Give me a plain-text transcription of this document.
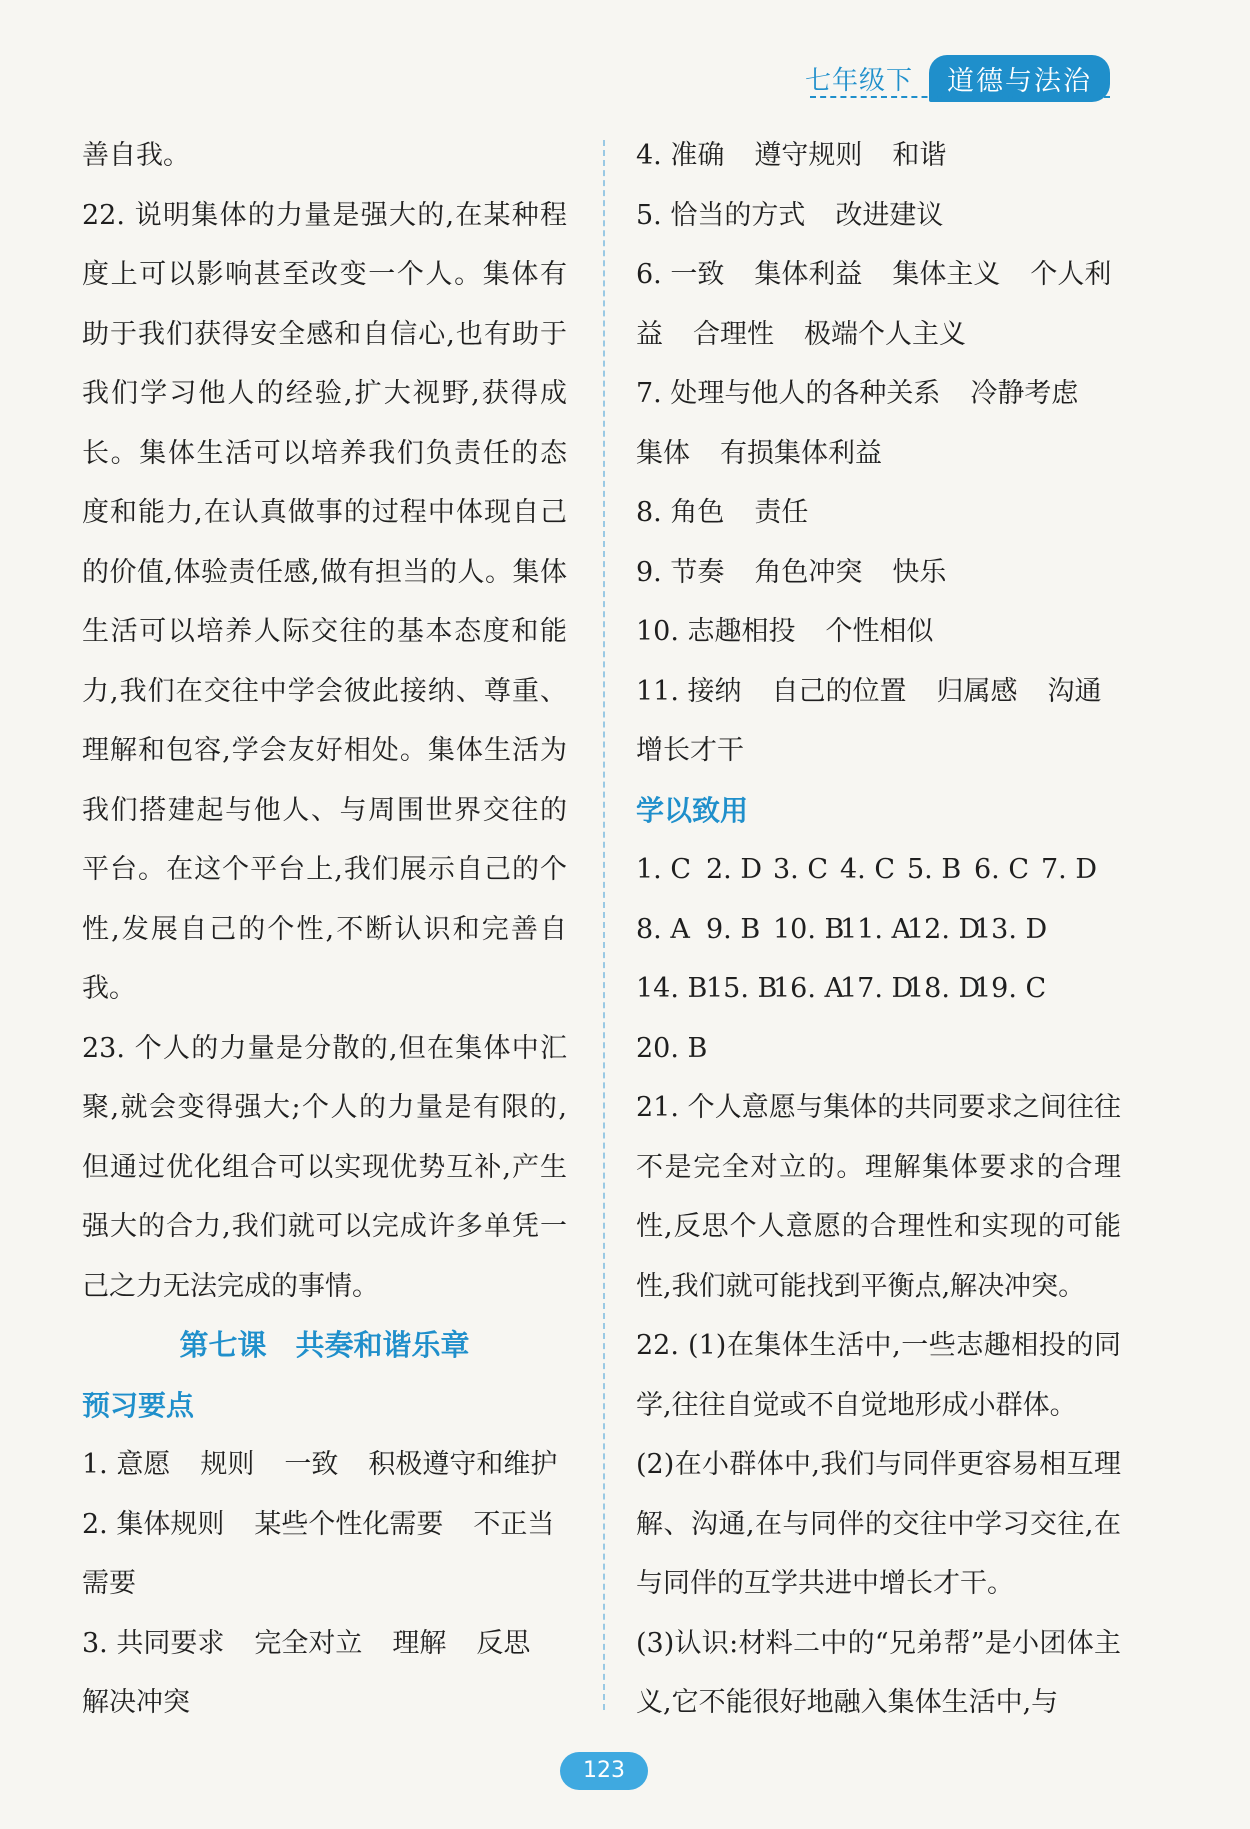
七年级下	道德与法治

善自我。

22. 说明集体的力量是强大的,在某种程度上可以影响甚至改变一个人。集体有助于我们获得安全感和自信心,也有助于我们学习他人的经验,扩大视野,获得成长。集体生活可以培养我们负责任的态度和能力,在认真做事的过程中体现自己的价值,体验责任感,做有担当的人。集体生活可以培养人际交往的基本态度和能力,我们在交往中学会彼此接纳、尊重、理解和包容,学会友好相处。集体生活为我们搭建起与他人、与周围世界交往的平台。在这个平台上,我们展示自己的个性,发展自己的个性,不断认识和完善自我。

23. 个人的力量是分散的,但在集体中汇聚,就会变得强大;个人的力量是有限的,但通过优化组合可以实现优势互补,产生强大的合力,我们就可以完成许多单凭一己之力无法完成的事情。

第七课　共奏和谐乐章

预习要点

1. 意愿 规则 一致 积极遵守和维护

2. 集体规则 某些个性化需要 不正当

需要

3. 共同要求 完全对立 理解 反思

解决冲突

4. 准确 遵守规则 和谐

5. 恰当的方式 改进建议

6. 一致 集体利益 集体主义 个人利

益 合理性 极端个人主义

7. 处理与他人的各种关系 冷静考虑

集体 有损集体利益

8. 角色 责任

9. 节奏 角色冲突 快乐

10. 志趣相投 个性相似

11. 接纳 自己的位置 归属感 沟通

增长才干

学以致用

1. C 2. D 3. C 4. C 5. B 6. C 7. D

8. A 9. B 10. B
11. A
12. D
13. D

14. B
15. B
16. A
17. D
18. D
19. C

20. B

21. 个人意愿与集体的共同要求之间往往不是完全对立的。理解集体要求的合理性,反思个人意愿的合理性和实现的可能性,我们就可能找到平衡点,解决冲突。

22. (1)在集体生活中,一些志趣相投的同学,往往自觉或不自觉地形成小群体。

(2)在小群体中,我们与同伴更容易相互理解、沟通,在与同伴的交往中学习交往,在与同伴的互学共进中增长才干。

(3)认识:材料二中的“兄弟帮”是小团体主义,它不能很好地融入集体生活中,与

123
